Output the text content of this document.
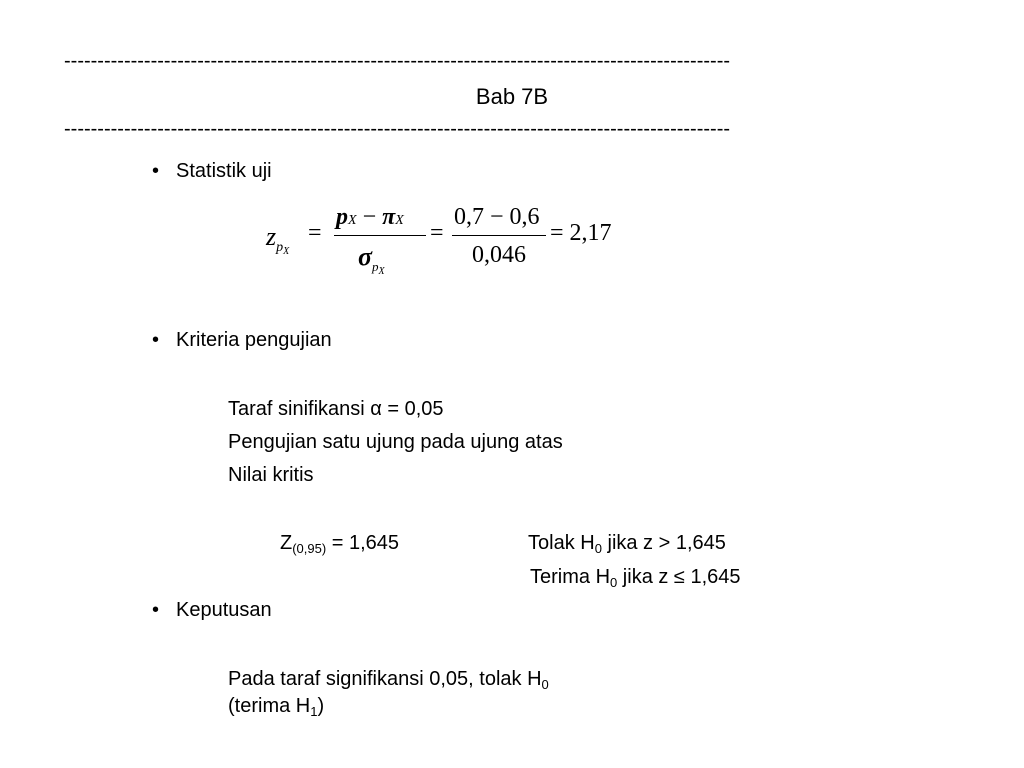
----------------------------------------------------------------------------------------------------
Bab 7B
----------------------------------------------------------------------------------------------------
• Statistik uji
$z_{pX}$
=
pX − πX
$\sigma_{pX}$
=
0,7 − 0,6
0,046
= 2,17
• Kriteria pengujian
Taraf sinifikansi α = 0,05
Pengujian satu ujung pada ujung atas
Nilai kritis
$Z_{(0,95)} = 1,645$	Tolak $H_0$ jika z > 1,645
Terima $H_0$ jika z ≤ 1,645
• Keputusan
Pada taraf signifikansi 0,05, tolak $H_0$
(terima $H_1$)
